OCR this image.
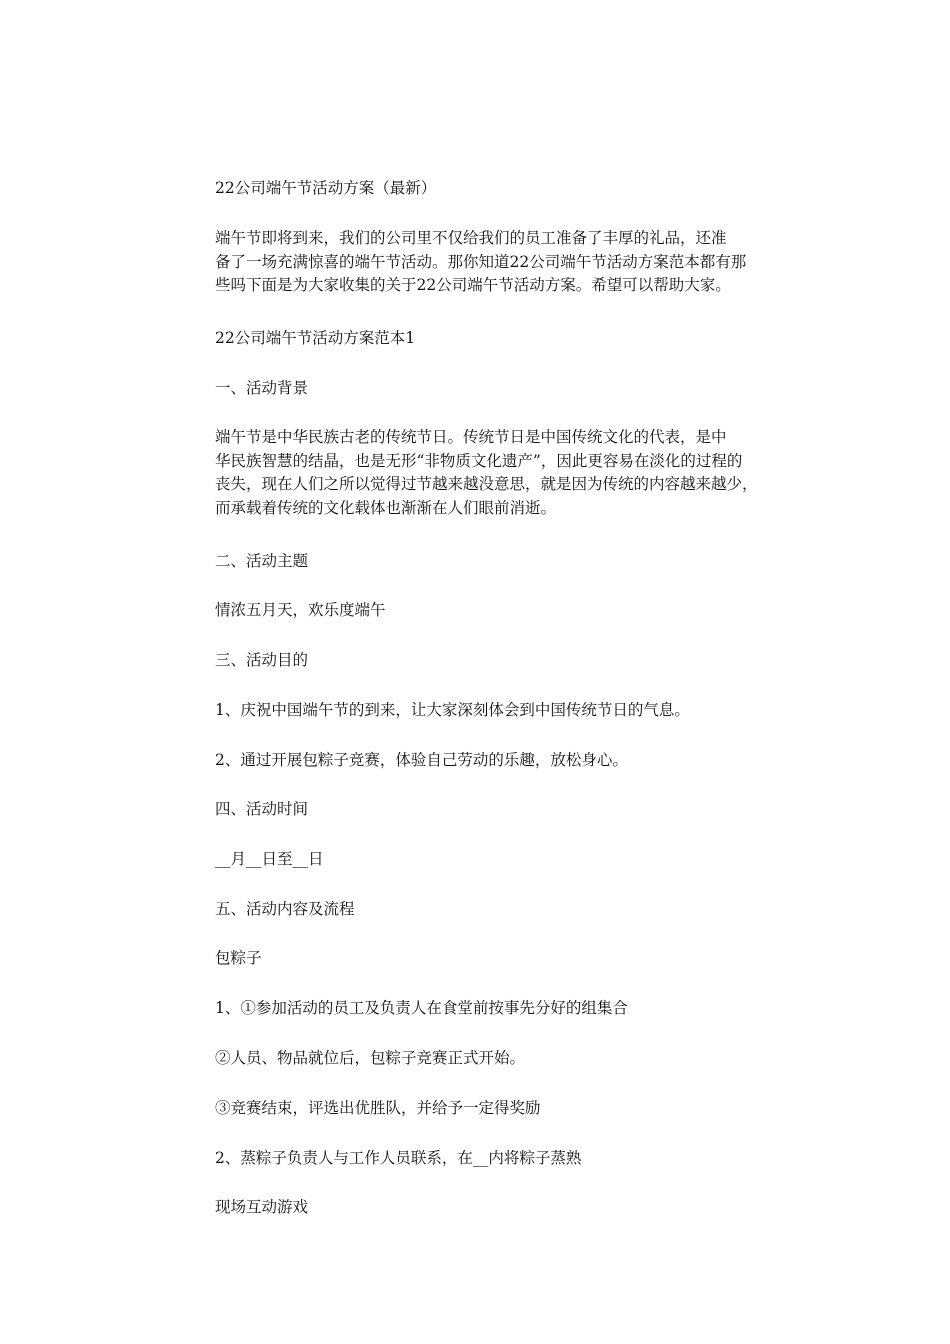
22公司端午节活动方案（最新）

端午节即将到来，我们的公司里不仅给我们的员工准备了丰厚的礼品，还准
备了一场充满惊喜的端午节活动。那你知道22公司端午节活动方案范本都有那
些吗下面是为大家收集的关于22公司端午节活动方案。希望可以帮助大家。

22公司端午节活动方案范本1

一、活动背景

端午节是中华民族古老的传统节日。传统节日是中国传统文化的代表，是中
华民族智慧的结晶，也是无形“非物质文化遗产”，因此更容易在淡化的过程的
丧失，现在人们之所以觉得过节越来越没意思，就是因为传统的内容越来越少，
而承载着传统的文化载体也渐渐在人们眼前消逝。

二、活动主题

情浓五月天，欢乐度端午

三、活动目的

1、庆祝中国端午节的到来，让大家深刻体会到中国传统节日的气息。

2、通过开展包粽子竞赛，体验自己劳动的乐趣，放松身心。

四、活动时间

__月__日至__日

五、活动内容及流程

包粽子

1、①参加活动的员工及负责人在食堂前按事先分好的组集合

②人员、物品就位后，包粽子竞赛正式开始。

③竞赛结束，评选出优胜队，并给予一定得奖励

2、蒸粽子负责人与工作人员联系，在__内将粽子蒸熟

现场互动游戏
